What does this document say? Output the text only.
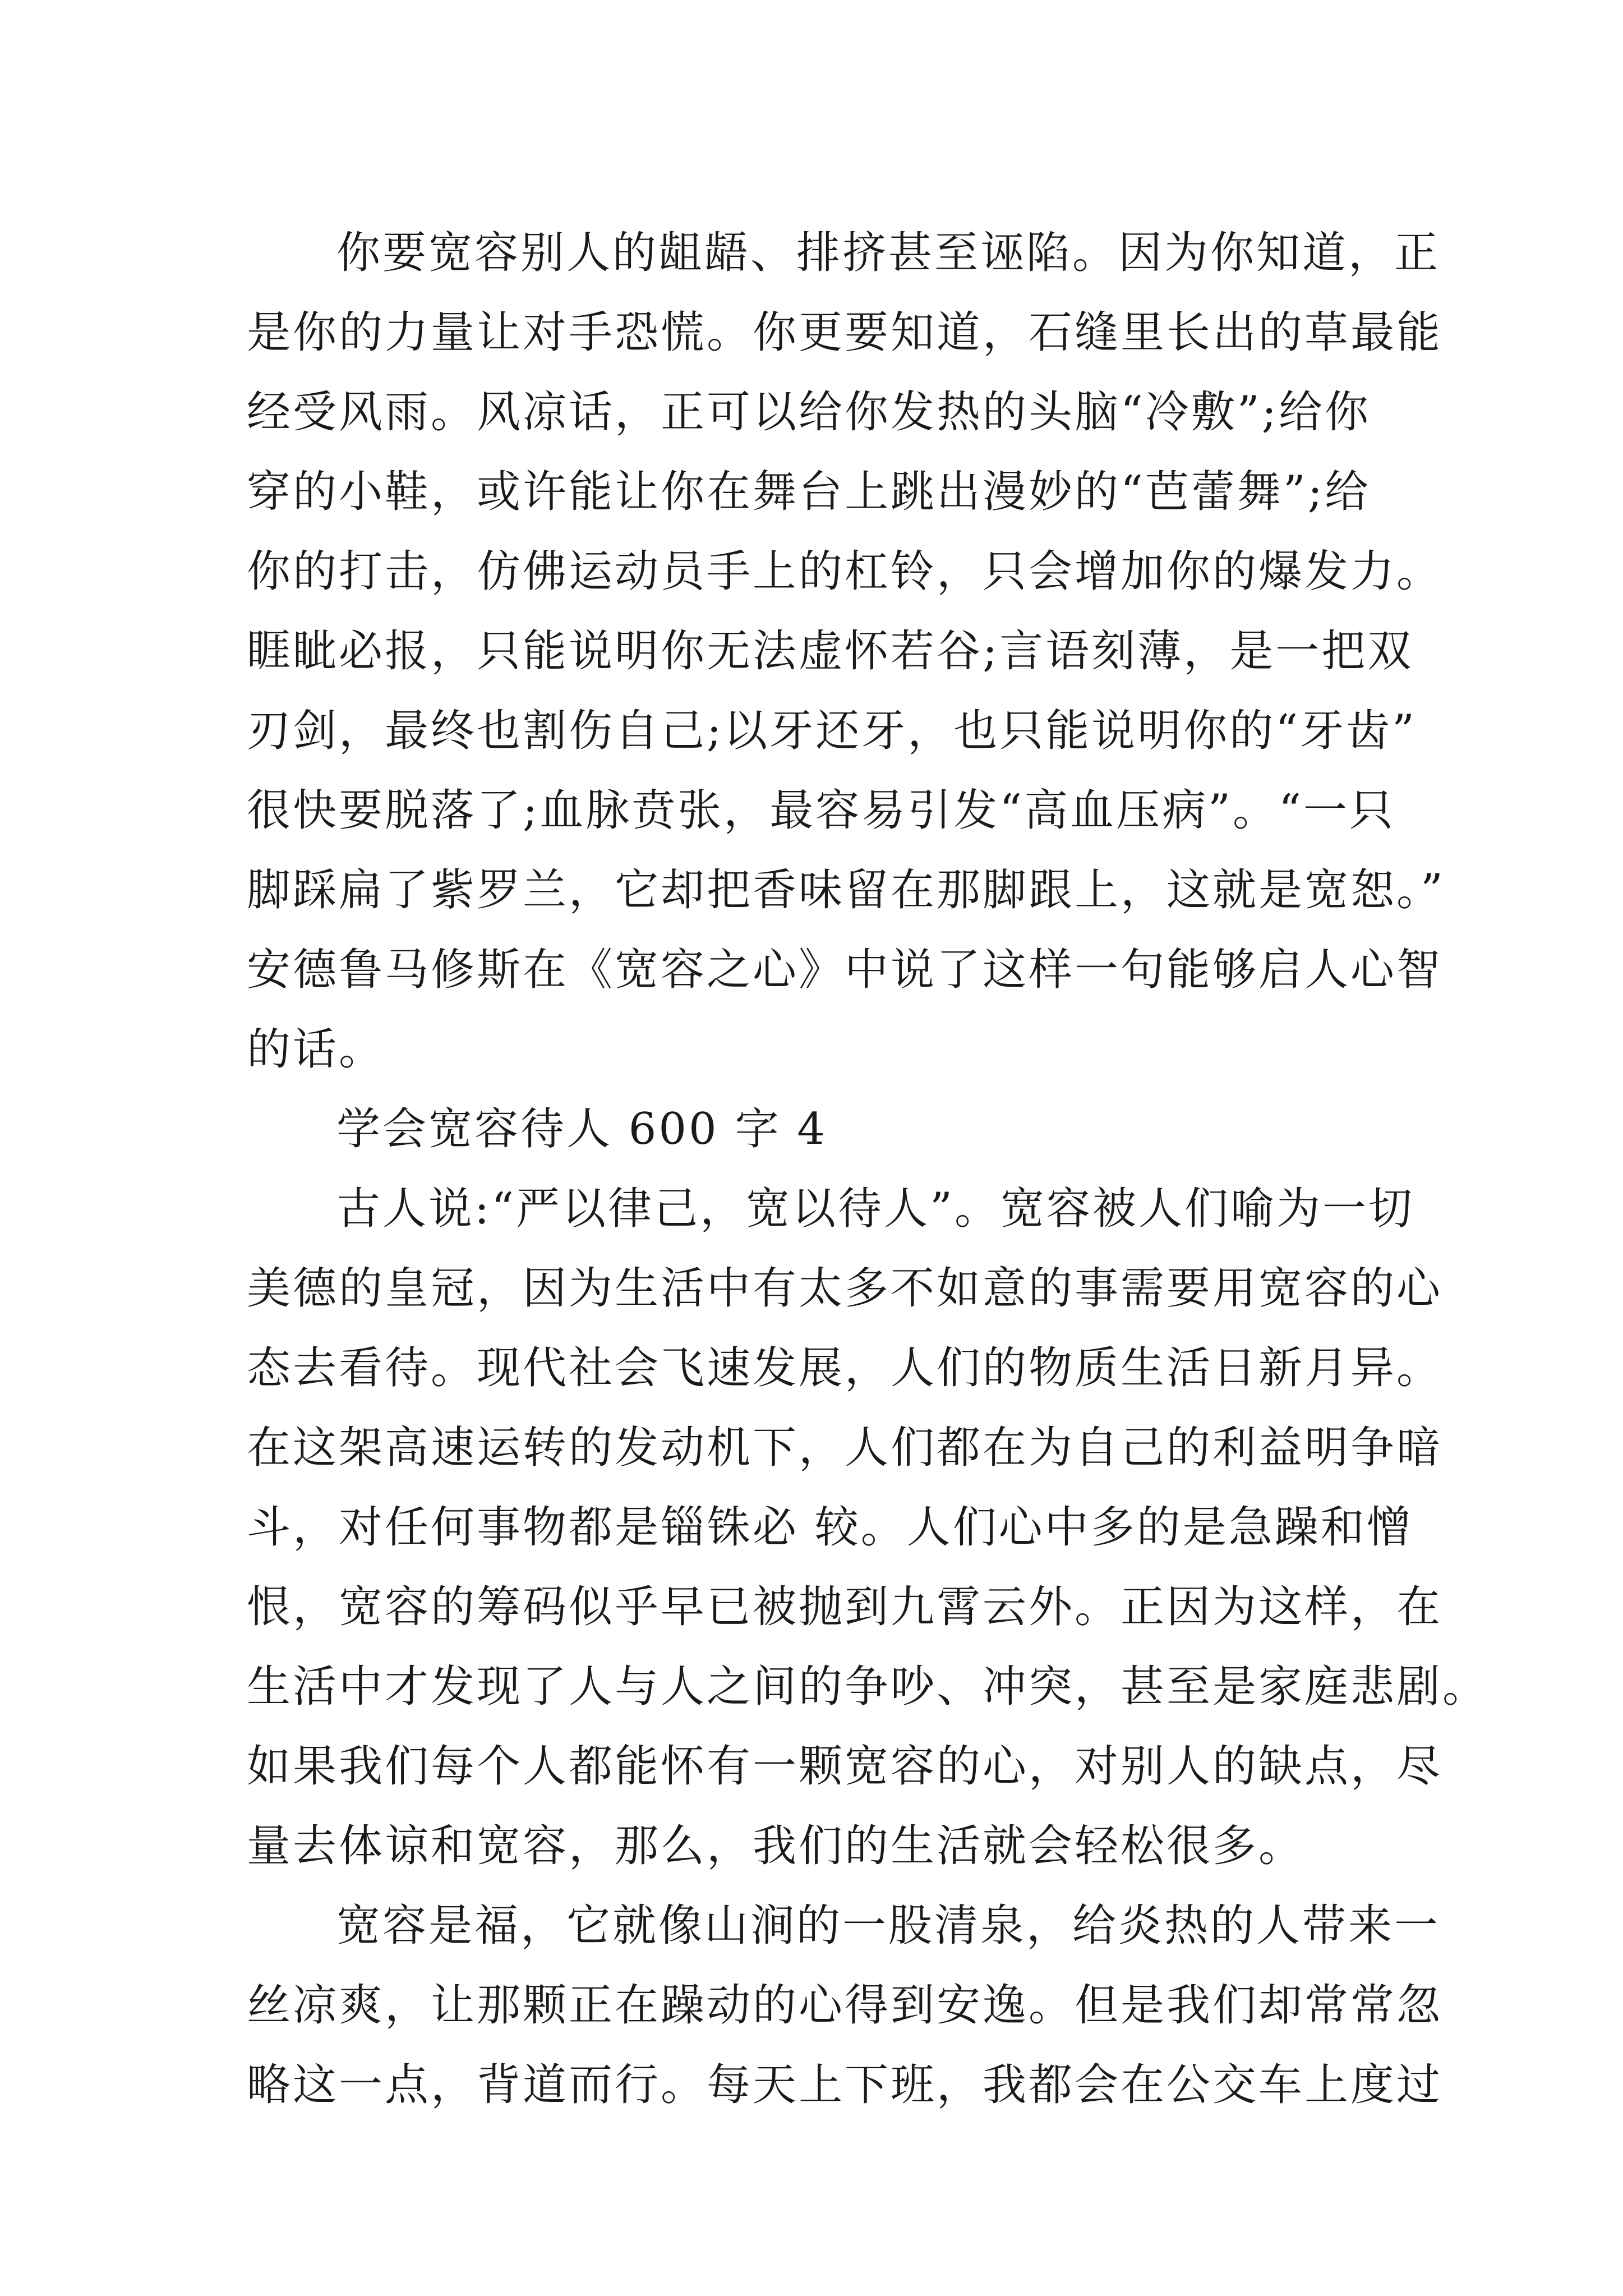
你要宽容别人的龃龉、排挤甚至诬陷。因为你知道，正
是你的力量让对手恐慌。你更要知道，石缝里长出的草最能
经受风雨。风凉话，正可以给你发热的头脑“冷敷”;给你
穿的小鞋，或许能让你在舞台上跳出漫妙的“芭蕾舞”;给
你的打击，仿佛运动员手上的杠铃，只会增加你的爆发力。
睚眦必报，只能说明你无法虚怀若谷;言语刻薄，是一把双
刃剑，最终也割伤自己;以牙还牙，也只能说明你的“牙齿”
很快要脱落了;血脉贲张，最容易引发“高血压病”。“一只
脚踩扁了紫罗兰，它却把香味留在那脚跟上，这就是宽恕。”
安德鲁马修斯在《宽容之心》中说了这样一句能够启人心智
的话。
学会宽容待人 600 字 4
古人说:“严以律己，宽以待人”。宽容被人们喻为一切
美德的皇冠，因为生活中有太多不如意的事需要用宽容的心
态去看待。现代社会飞速发展，人们的物质生活日新月异。
在这架高速运转的发动机下，人们都在为自己的利益明争暗
斗，对任何事物都是锱铢必 较。人们心中多的是急躁和憎
恨，宽容的筹码似乎早已被抛到九霄云外。正因为这样，在
生活中才发现了人与人之间的争吵、冲突，甚至是家庭悲剧。
如果我们每个人都能怀有一颗宽容的心，对别人的缺点，尽
量去体谅和宽容，那么，我们的生活就会轻松很多。
宽容是福，它就像山涧的一股清泉，给炎热的人带来一
丝凉爽，让那颗正在躁动的心得到安逸。但是我们却常常忽
略这一点，背道而行。每天上下班，我都会在公交车上度过
